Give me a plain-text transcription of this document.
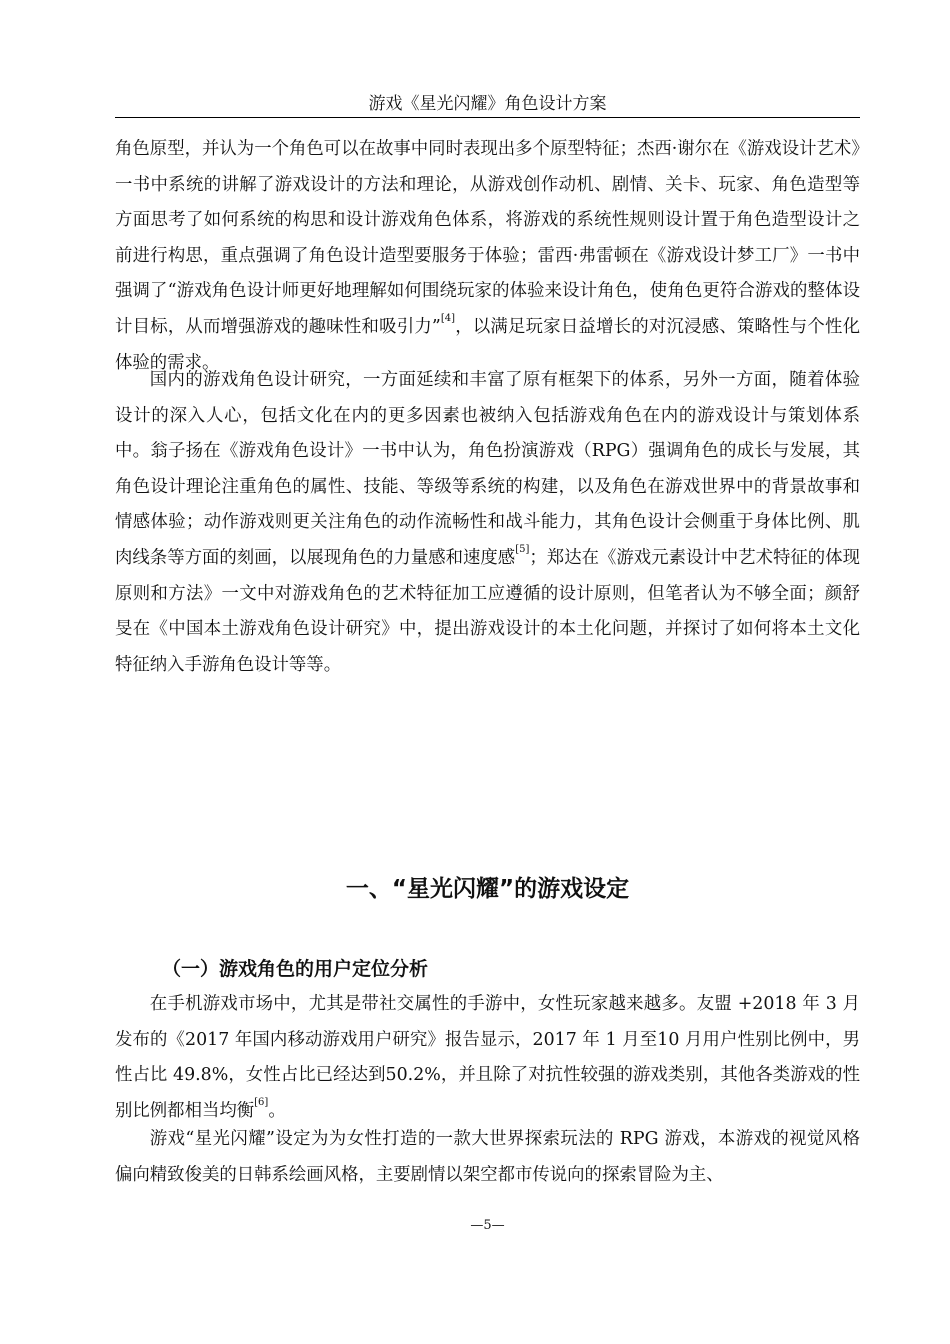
游戏《星光闪耀》角色设计方案

角色原型，并认为一个角色可以在故事中同时表现出多个原型特征；杰西·谢尔在《游戏设计艺术》一书中系统的讲解了游戏设计的方法和理论，从游戏创作动机、剧情、关卡、玩家、角色造型等方面思考了如何系统的构思和设计游戏角色体系，将游戏的系统性规则设计置于角色造型设计之前进行构思，重点强调了角色设计造型要服务于体验；雷西·弗雷顿在《游戏设计梦工厂》一书中强调了“游戏角色设计师更好地理解如何围绕玩家的体验来设计角色，使角色更符合游戏的整体设计目标，从而增强游戏的趣味性和吸引力”[4]，以满足玩家日益增长的对沉浸感、策略性与个性化体验的需求。

国内的游戏角色设计研究，一方面延续和丰富了原有框架下的体系，另外一方面，随着体验设计的深入人心，包括文化在内的更多因素也被纳入包括游戏角色在内的游戏设计与策划体系中。翁子扬在《游戏角色设计》一书中认为，角色扮演游戏（RPG）强调角色的成长与发展，其角色设计理论注重角色的属性、技能、等级等系统的构建，以及角色在游戏世界中的背景故事和情感体验；动作游戏则更关注角色的动作流畅性和战斗能力，其角色设计会侧重于身体比例、肌肉线条等方面的刻画，以展现角色的力量感和速度感[5]；郑达在《游戏元素设计中艺术特征的体现原则和方法》一文中对游戏角色的艺术特征加工应遵循的设计原则，但笔者认为不够全面；颜舒旻在《中国本土游戏角色设计研究》中，提出游戏设计的本土化问题，并探讨了如何将本土文化特征纳入手游角色设计等等。

一、“星光闪耀”的游戏设定
（一）游戏角色的用户定位分析

在手机游戏市场中，尤其是带社交属性的手游中，女性玩家越来越多。友盟 +2018 年 3 月发布的《2017 年国内移动游戏用户研究》报告显示，2017 年 1 月至10 月用户性别比例中，男性占比 49.8%，女性占比已经达到50.2%，并且除了对抗性较强的游戏类别，其他各类游戏的性别比例都相当均衡[6]。

游戏“星光闪耀”设定为为女性打造的一款大世界探索玩法的 RPG 游戏，本游戏的视觉风格偏向精致俊美的日韩系绘画风格，主要剧情以架空都市传说向的探索冒险为主、

—5—
